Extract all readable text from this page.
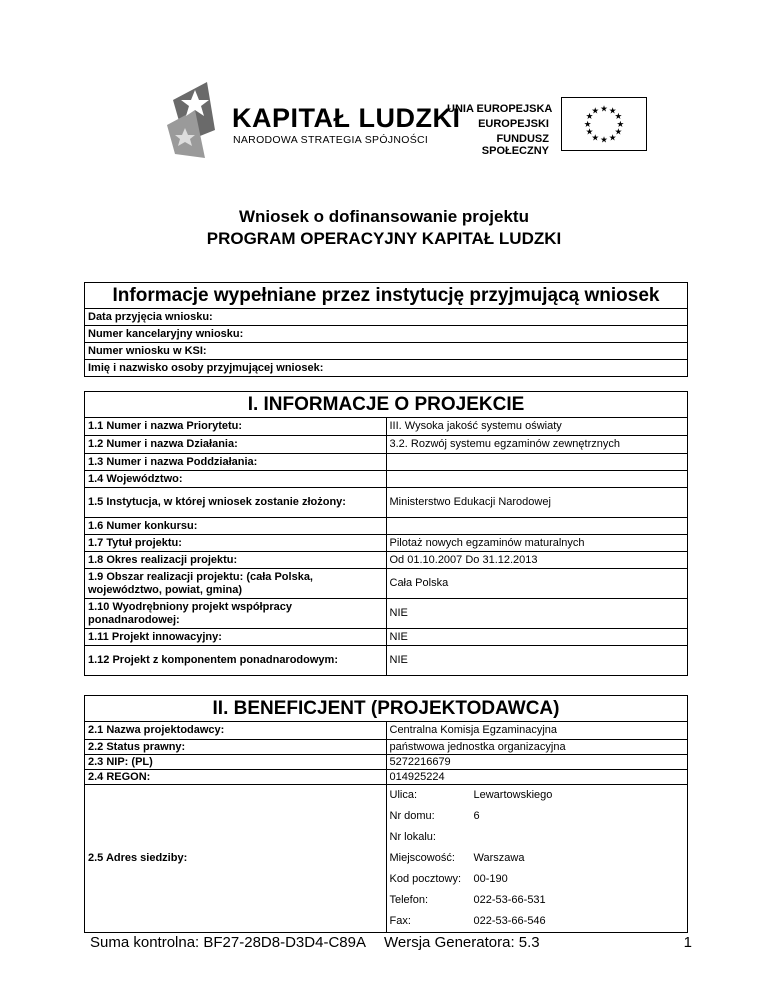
KAPITAŁ LUDZKI
NARODOWA STRATEGIA SPÓJNOŚCI
UNIA EUROPEJSKA
EUROPEJSKI
FUNDUSZ SPOŁECZNY
★ ★
★
★
★
★
★
★
★
★
★
★
Wniosek o dofinansowanie projektu
PROGRAM OPERACYJNY KAPITAŁ LUDZKI
Informacje wypełniane przez instytucję przyjmującą wniosek
Data przyjęcia wniosku:
Numer kancelaryjny wniosku:
Numer wniosku w KSI:
Imię i nazwisko osoby przyjmującej wniosek:
I. INFORMACJE O PROJEKCIE	
1.1 Numer i nazwa Priorytetu:	III. Wysoka jakość systemu oświaty
1.2 Numer i nazwa Działania:	3.2. Rozwój systemu egzaminów zewnętrznych
1.3 Numer i nazwa Poddziałania:	
1.4 Województwo:	
1.5 Instytucja, w której wniosek zostanie złożony:	Ministerstwo Edukacji Narodowej
1.6 Numer konkursu:	
1.7 Tytuł projektu:	Pilotaż nowych egzaminów maturalnych
1.8 Okres realizacji projektu:	Od 01.10.2007 Do 31.12.2013
1.9 Obszar realizacji projektu: (cała Polska, województwo, powiat, gmina)	Cała Polska
1.10 Wyodrębniony projekt współpracy ponadnarodowej:	NIE
1.11 Projekt innowacyjny:	NIE
1.12 Projekt z komponentem ponadnarodowym:	NIE
II. BENEFICJENT (PROJEKTODAWCA)
2.1 Nazwa projektodawcy:	Centralna Komisja Egzaminacyjna
2.2 Status prawny:	państwowa jednostka organizacyjna
2.3 NIP: (PL)	5272216679
2.4 REGON:	014925224
2.5 Adres siedziby:	
Ulica:	Lewartowskiego
Nr domu:	6
Nr lokalu:	
Miejscowość:	Warszawa
Kod pocztowy:	00-190
Telefon:	022-53-66-531
Fax:	022-53-66-546
Suma kontrolna: BF27-28D8-D3D4-C89A Wersja Generatora: 5.3	1
